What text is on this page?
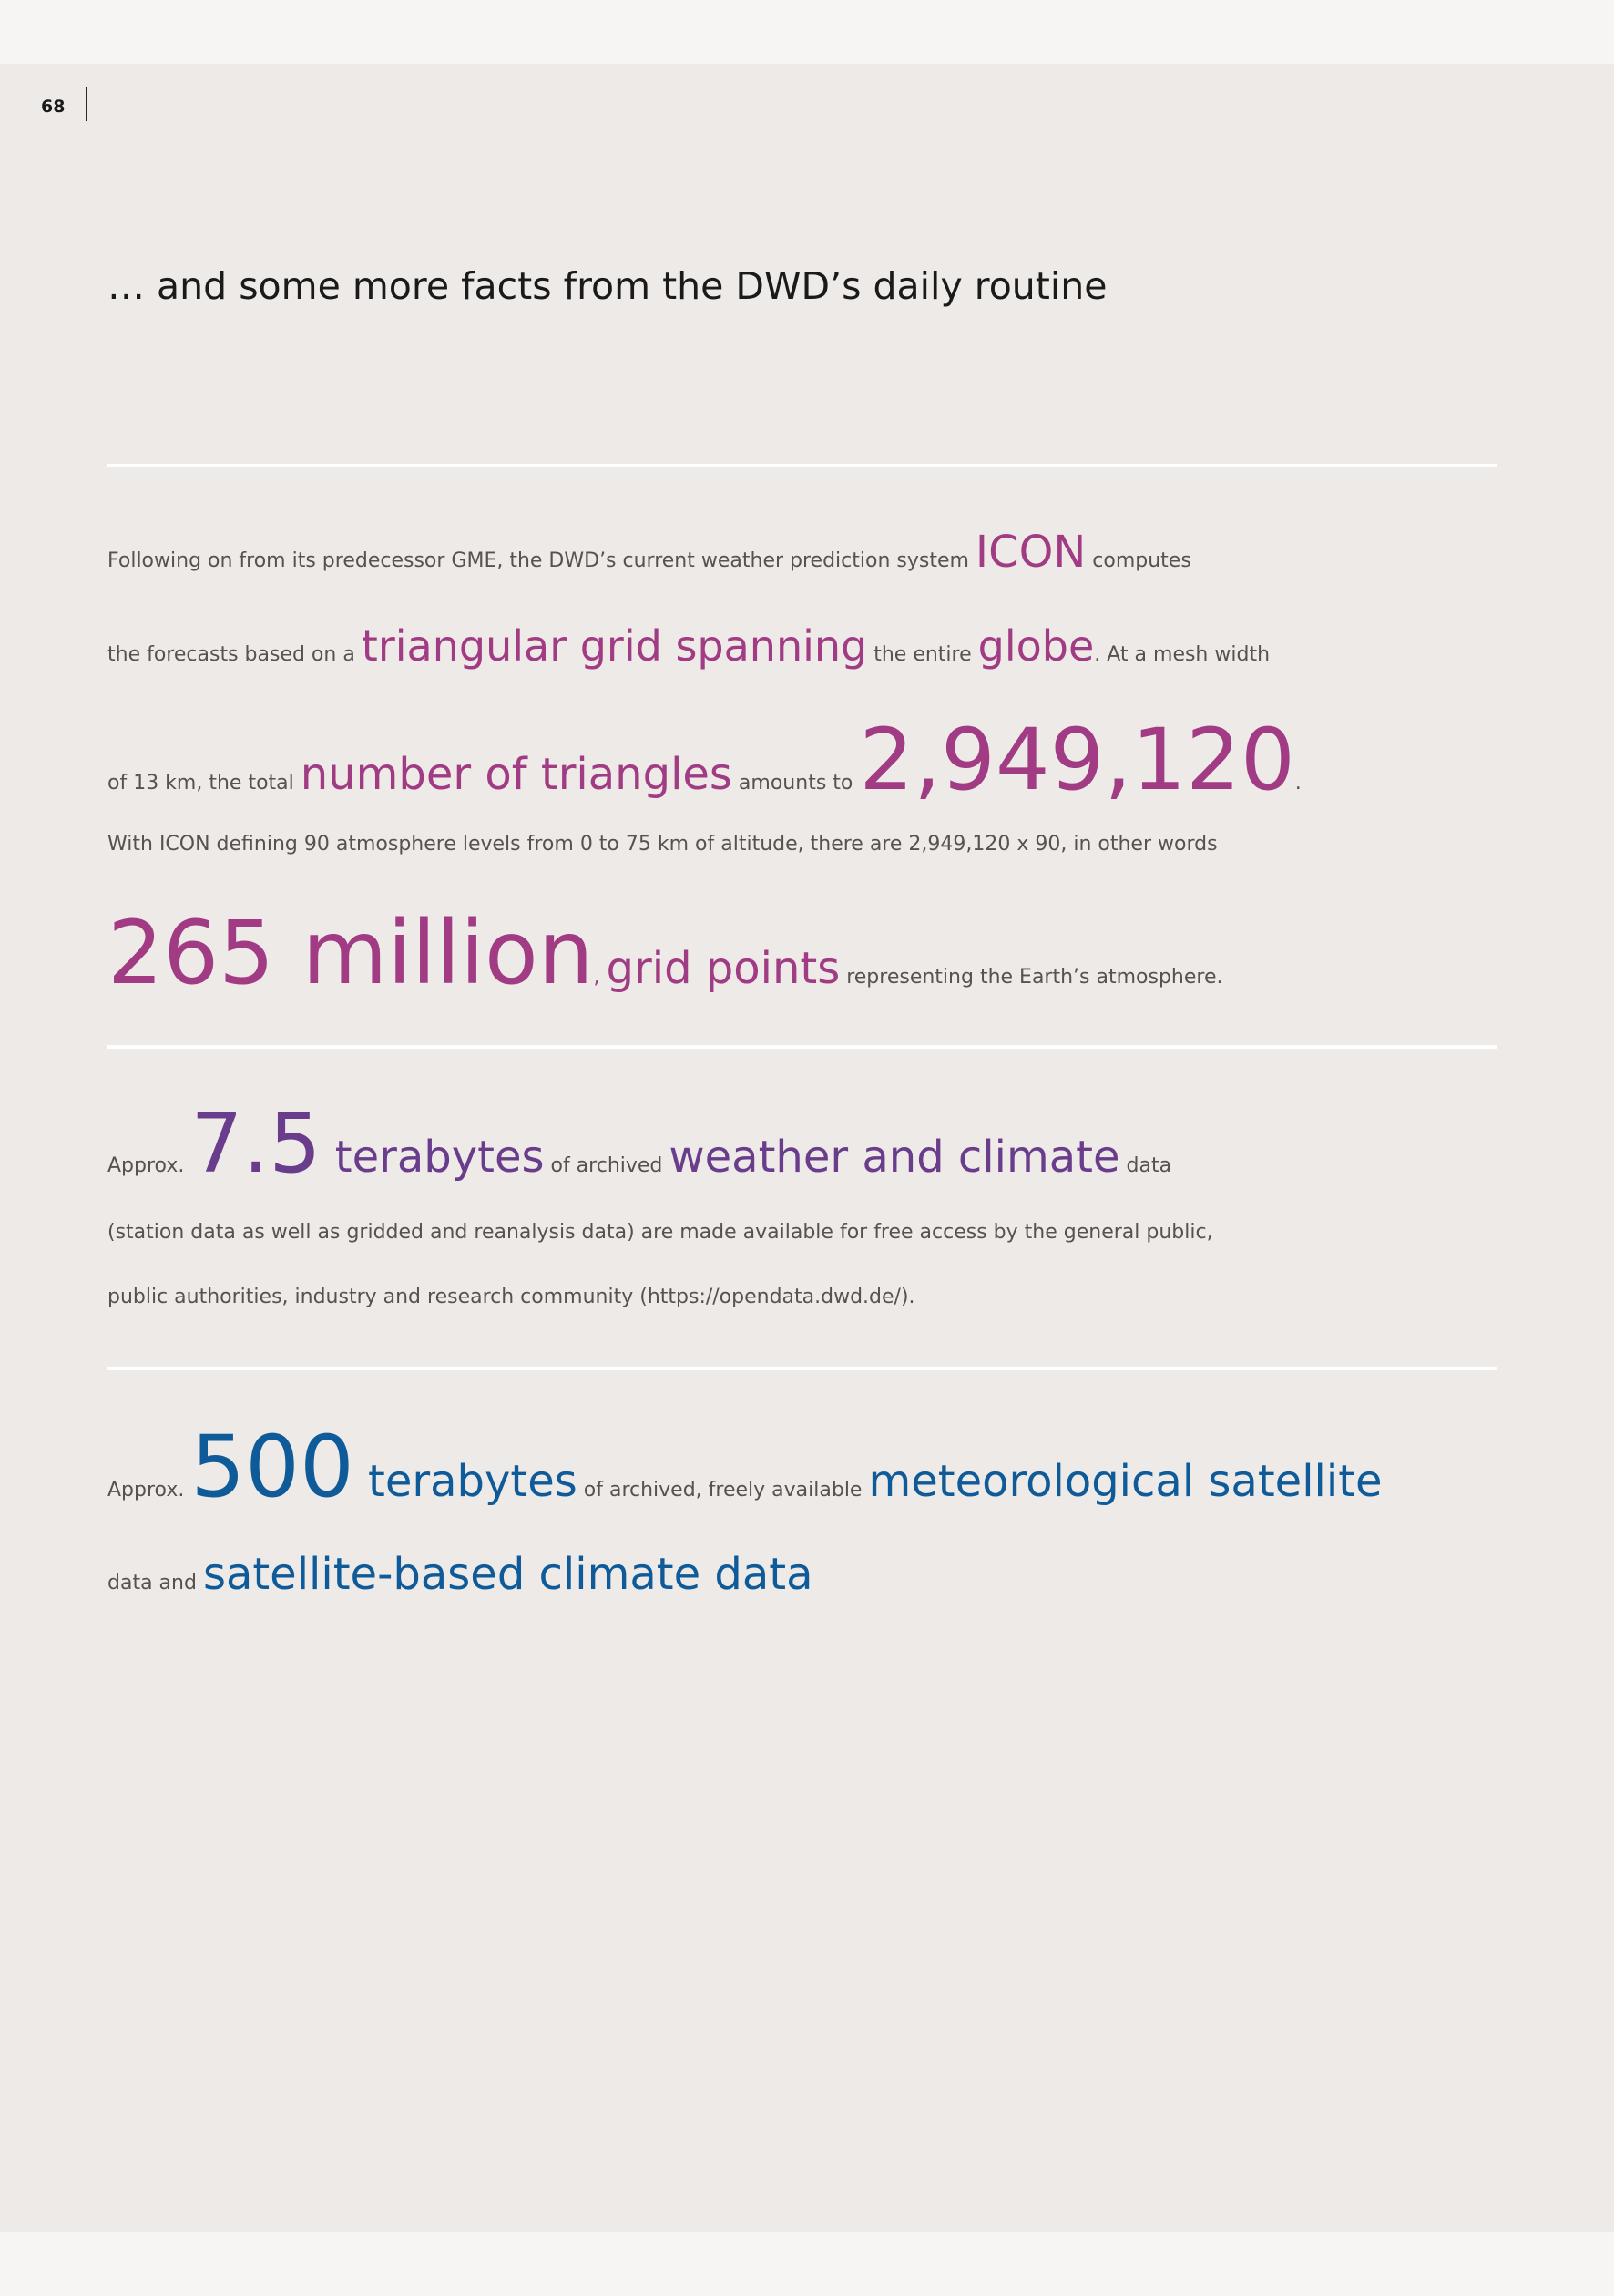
68
… and some more facts from the DWD’s daily routine
Following on from its predecessor GME, the DWD’s current weather prediction system ICON computes
the forecasts based on a triangular grid spanning the entire globe. At a mesh width
of 13 km, the total number of triangles amounts to 2,949,120.
With ICON defining 90 atmosphere levels from 0 to 75 km of altitude, there are 2,949,120 x 90, in other words
265 million, grid points representing the Earth’s atmosphere.
Approx. 7.5 terabytes of archived weather and climate data
(station data as well as gridded and reanalysis data) are made available for free access by the general public,
public authorities, industry and research community (https://opendata.dwd.de/).
Approx. 500 terabytes of archived, freely available meteorological satellite
data and satellite-based climate data
